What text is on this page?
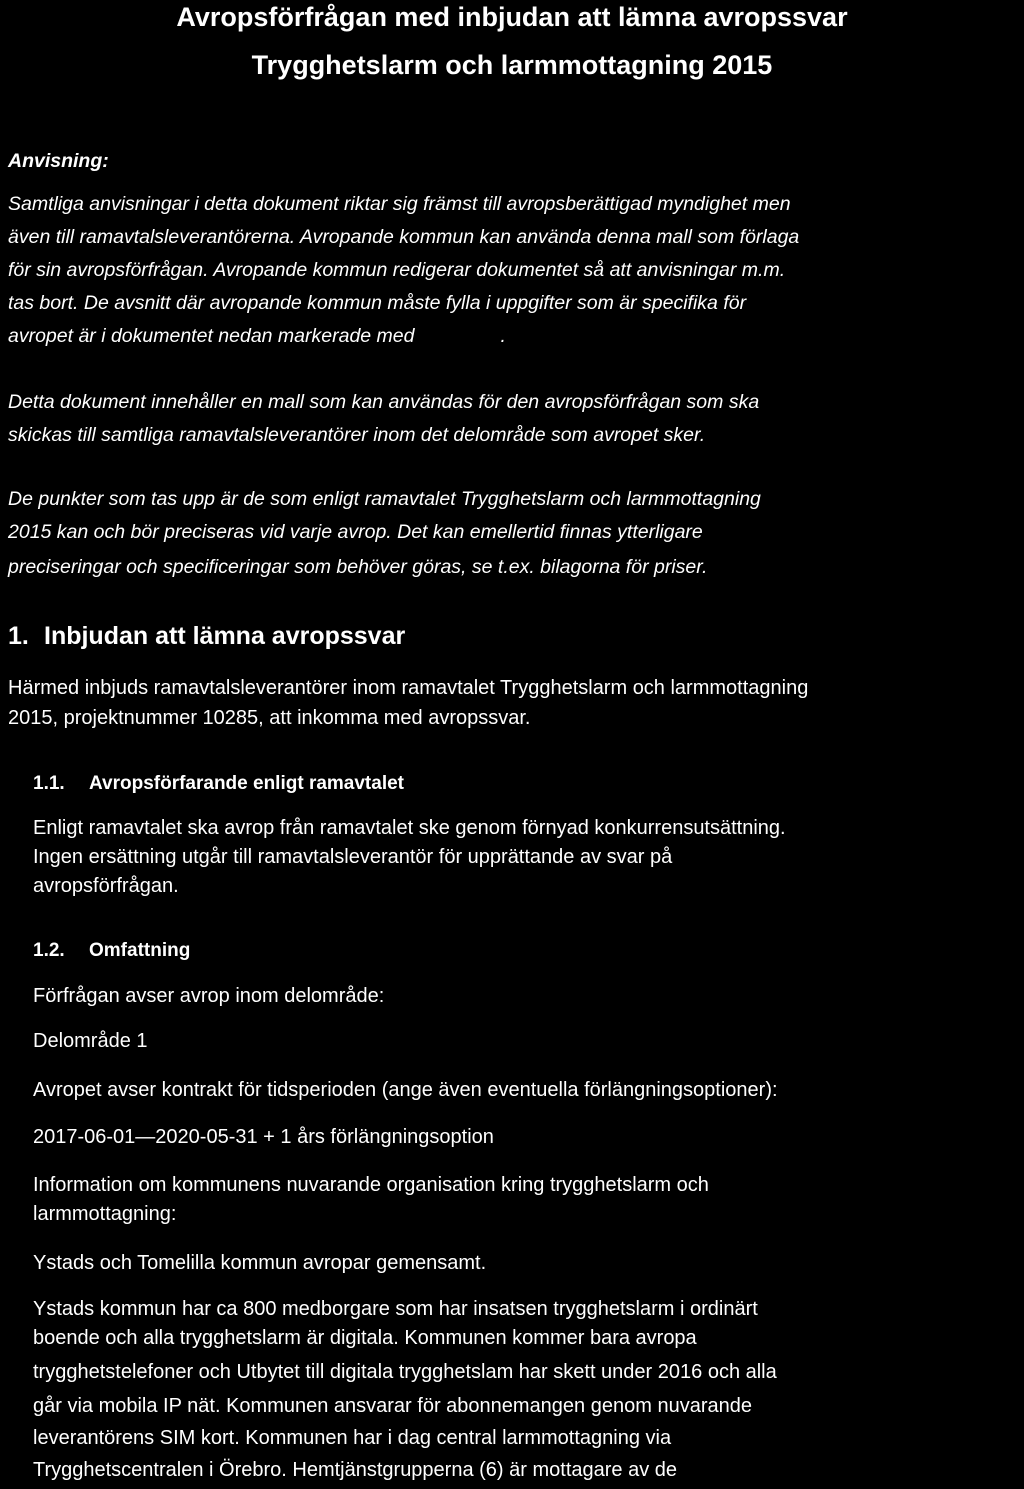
Avropsförfrågan med inbjudan att lämna avropssvar

Trygghetslarm och larmmottagning 2015

Anvisning:

Samtliga anvisningar i detta dokument riktar sig främst till avropsberättigad myndighet men

även till ramavtalsleverantörerna. Avropande kommun kan använda denna mall som förlaga

för sin avropsförfrågan. Avropande kommun redigerar dokumentet så att anvisningar m.m.

tas bort. De avsnitt där avropande kommun måste fylla i uppgifter som är specifika för

avropet är i dokumentet nedan markerade med	.

Detta dokument innehåller en mall som kan användas för den avropsförfrågan som ska

skickas till samtliga ramavtalsleverantörer inom det delområde som avropet sker.

De punkter som tas upp är de som enligt ramavtalet Trygghetslarm och larmmottagning

2015 kan och bör preciseras vid varje avrop. Det kan emellertid finnas ytterligare

preciseringar och specificeringar som behöver göras, se t.ex. bilagorna för priser.

1. Inbjudan att lämna avropssvar

Härmed inbjuds ramavtalsleverantörer inom ramavtalet Trygghetslarm och larmmottagning

2015, projektnummer 10285, att inkomma med avropssvar.

1.1. Avropsförfarande enligt ramavtalet

Enligt ramavtalet ska avrop från ramavtalet ske genom förnyad konkurrensutsättning.

Ingen ersättning utgår till ramavtalsleverantör för upprättande av svar på

avropsförfrågan.

1.2. Omfattning

Förfrågan avser avrop inom delområde:

Delområde 1

Avropet avser kontrakt för tidsperioden (ange även eventuella förlängningsoptioner):

2017-06-01—2020-05-31 + 1 års förlängningsoption

Information om kommunens nuvarande organisation kring trygghetslarm och

larmmottagning:

Ystads och Tomelilla kommun avropar gemensamt.

Ystads kommun har ca 800 medborgare som har insatsen trygghetslarm i ordinärt

boende och alla trygghetslarm är digitala. Kommunen kommer bara avropa

trygghetstelefoner och Utbytet till digitala trygghetslam har skett under 2016 och alla

går via mobila IP nät. Kommunen ansvarar för abonnemangen genom nuvarande

leverantörens SIM kort. Kommunen har i dag central larmmottagning via

Trygghetscentralen i Örebro. Hemtjänstgrupperna (6) är mottagare av de
